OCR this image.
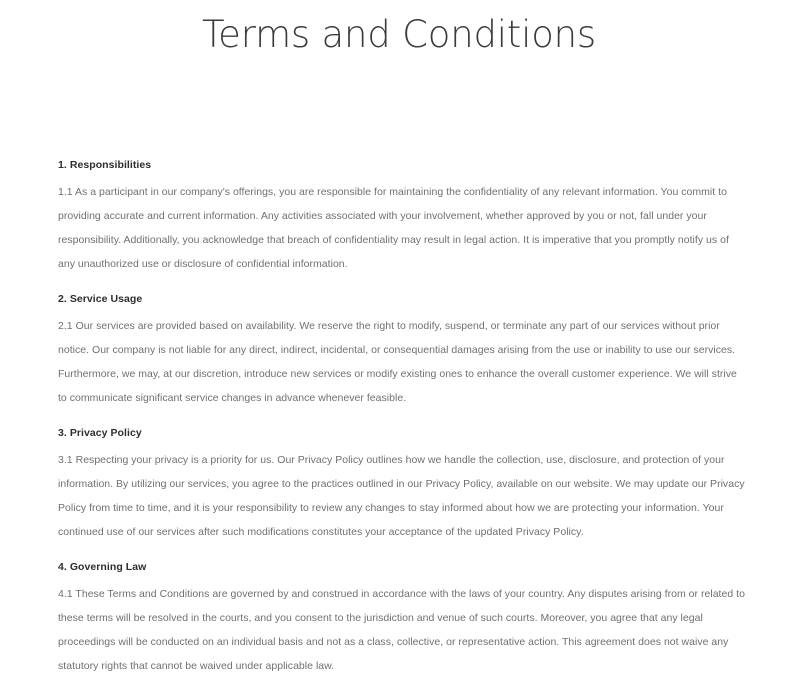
Terms and Conditions
1. Responsibilities

1.1 As a participant in our company's offerings, you are responsible for maintaining the confidentiality of any relevant information. You commit to providing accurate and current information. Any activities associated with your involvement, whether approved by you or not, fall under your responsibility. Additionally, you acknowledge that breach of confidentiality may result in legal action. It is imperative that you promptly notify us of any unauthorized use or disclosure of confidential information.

2. Service Usage

2.1 Our services are provided based on availability. We reserve the right to modify, suspend, or terminate any part of our services without prior notice. Our company is not liable for any direct, indirect, incidental, or consequential damages arising from the use or inability to use our services. Furthermore, we may, at our discretion, introduce new services or modify existing ones to enhance the overall customer experience. We will strive to communicate significant service changes in advance whenever feasible.

3. Privacy Policy

3.1 Respecting your privacy is a priority for us. Our Privacy Policy outlines how we handle the collection, use, disclosure, and protection of your information. By utilizing our services, you agree to the practices outlined in our Privacy Policy, available on our website. We may update our Privacy Policy from time to time, and it is your responsibility to review any changes to stay informed about how we are protecting your information. Your continued use of our services after such modifications constitutes your acceptance of the updated Privacy Policy.

4. Governing Law

4.1 These Terms and Conditions are governed by and construed in accordance with the laws of your country. Any disputes arising from or related to these terms will be resolved in the courts, and you consent to the jurisdiction and venue of such courts. Moreover, you agree that any legal proceedings will be conducted on an individual basis and not as a class, collective, or representative action. This agreement does not waive any statutory rights that cannot be waived under applicable law.
